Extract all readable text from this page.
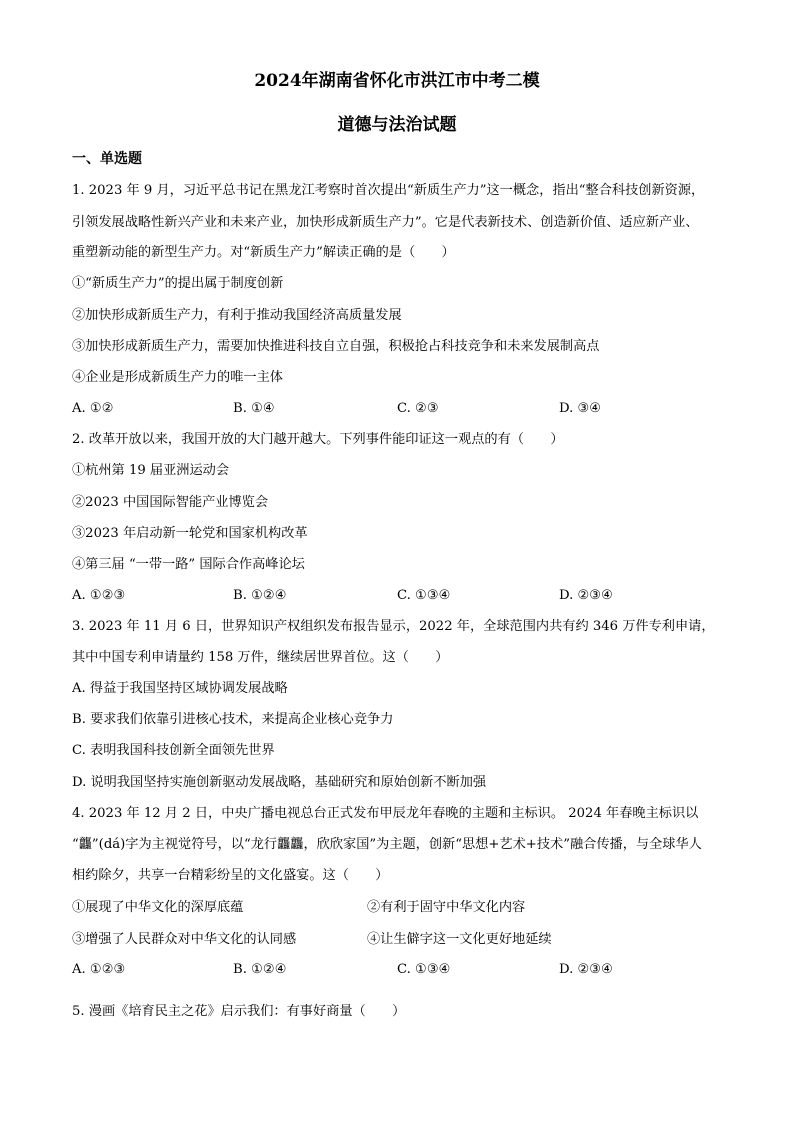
2024年湖南省怀化市洪江市中考二模
道德与法治试题
一、单选题
1. 2023 年 9 月，习近平总书记在黑龙江考察时首次提出“新质生产力”这一概念，指出“整合科技创新资源，
引领发展战略性新兴产业和未来产业，加快形成新质生产力”。它是代表新技术、创造新价值、适应新产业、
重塑新动能的新型生产力。对“新质生产力”解读正确的是（　　）
①“新质生产力”的提出属于制度创新
②加快形成新质生产力，有利于推动我国经济高质量发展
③加快形成新质生产力，需要加快推进科技自立自强，积极抢占科技竞争和未来发展制高点
④企业是形成新质生产力的唯一主体
A. ①②	B. ①④	C. ②③	D. ③④
2. 改革开放以来，我国开放的大门越开越大。下列事件能印证这一观点的有（　　）
①杭州第 19 届亚洲运动会
②2023 中国国际智能产业博览会
③2023 年启动新一轮党和国家机构改革
④第三届 “一带一路” 国际合作高峰论坛
A. ①②③	B. ①②④	C. ①③④	D. ②③④
3. 2023 年 11 月 6 日，世界知识产权组织发布报告显示，2022 年，全球范围内共有约 346 万件专利申请，
其中中国专利申请量约 158 万件，继续居世界首位。这（　　）
A. 得益于我国坚持区域协调发展战略
B. 要求我们依靠引进核心技术，来提高企业核心竞争力
C. 表明我国科技创新全面领先世界
D. 说明我国坚持实施创新驱动发展战略，基础研究和原始创新不断加强
4. 2023 年 12 月 2 日，中央广播电视总台正式发布甲辰龙年春晚的主题和主标识。 2024 年春晚主标识以
“龘”(dá)字为主视觉符号，以“龙行龘龘，欣欣家国”为主题，创新“思想+艺术+技术”融合传播，与全球华人
相约除夕，共享一台精彩纷呈的文化盛宴。这（　　）
①展现了中华文化的深厚底蕴	②有利于固守中华文化内容
③增强了人民群众对中华文化的认同感	④让生僻字这一文化更好地延续
A. ①②③	B. ①②④	C. ①③④	D. ②③④
5. 漫画《培育民主之花》启示我们：有事好商量（　　）
